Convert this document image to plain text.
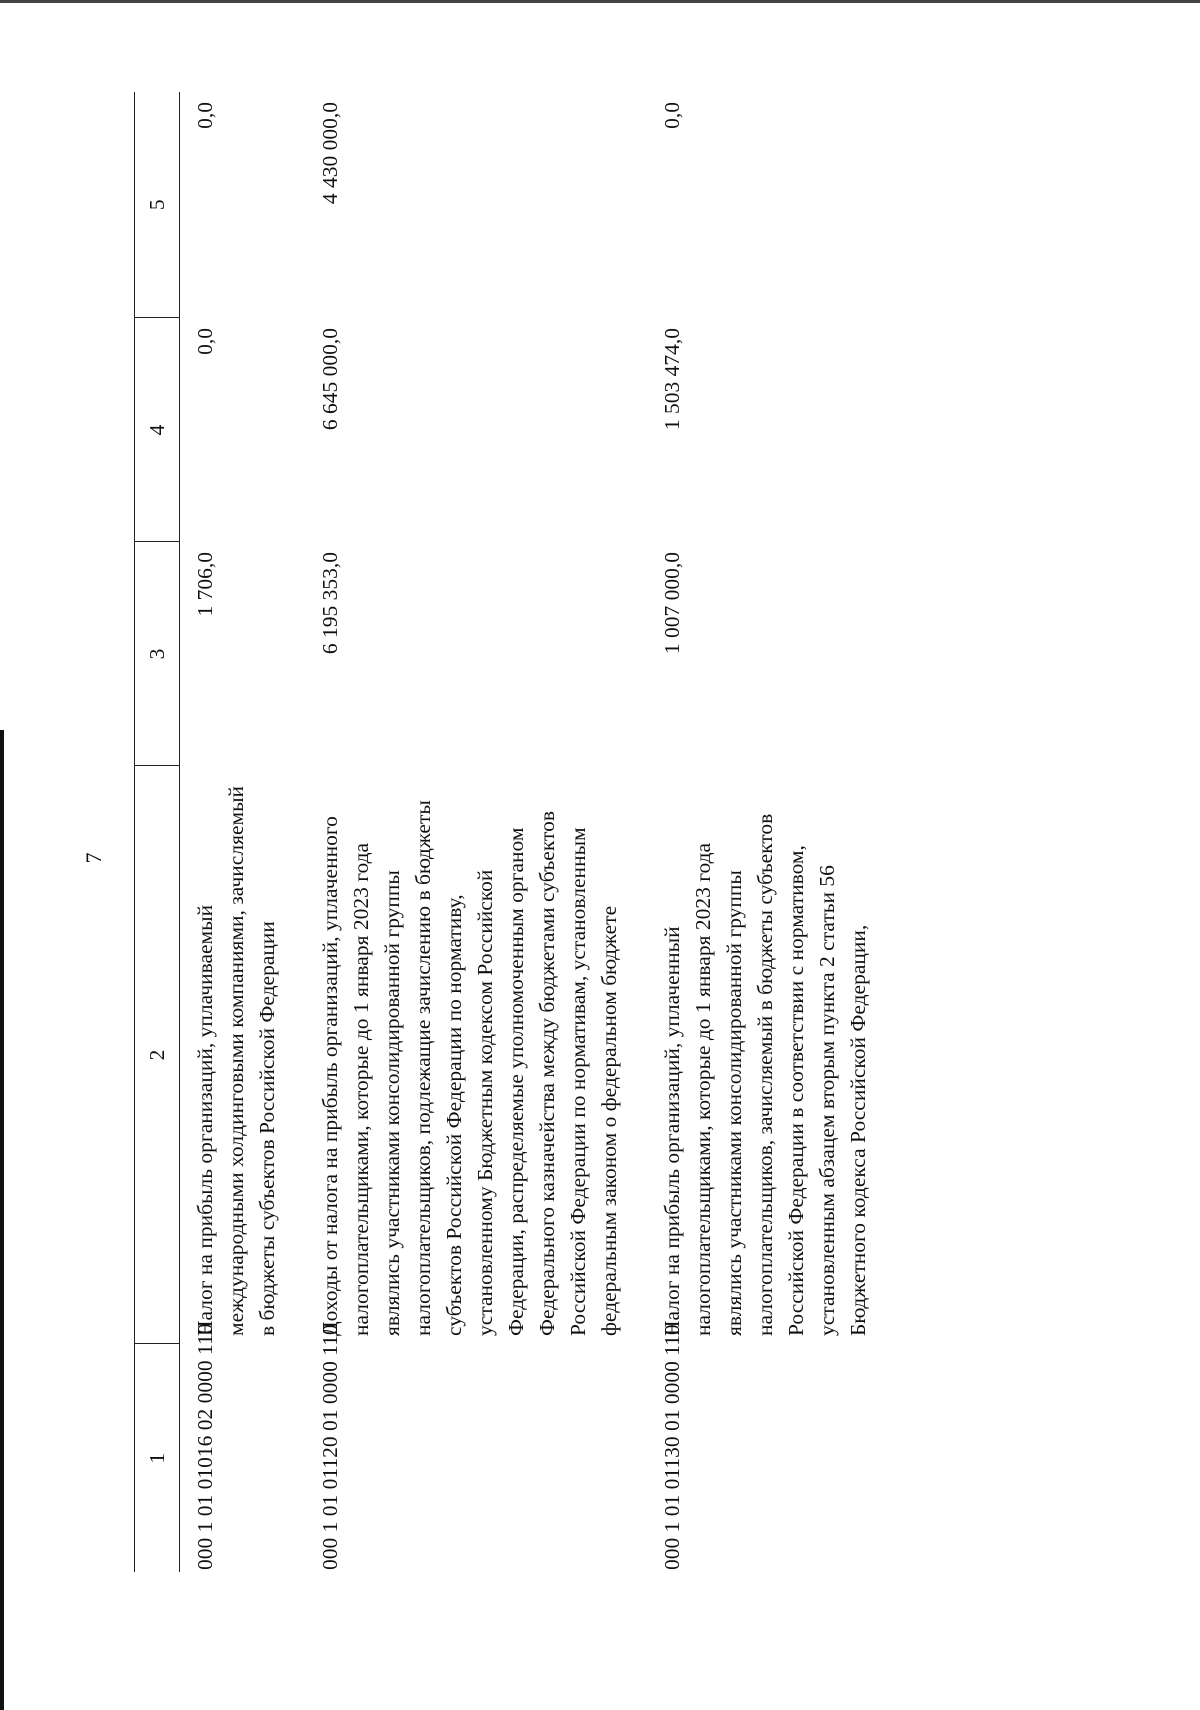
7
1	2	3	4	5
000 1 01 01016 02 0000 110	Налог на прибыль организаций, уплачиваемый международными холдинговыми компаниями, зачисляемый в бюджеты субъектов Российской Федерации	1 706,0	0,0	0,0
000 1 01 01120 01 0000 110	Доходы от налога на прибыль организаций, уплаченного налогоплательщиками, которые до 1 января 2023 года являлись участниками консолидированной группы налогоплательщиков, подлежащие зачислению в бюджеты субъектов Российской Федерации по нормативу, установленному Бюджетным кодексом Российской Федерации, распределяемые уполномоченным органом Федерального казначейства между бюджетами субъектов Российской Федерации по нормативам, установленным федеральным законом о федеральном бюджете	6 195 353,0	6 645 000,0	4 430 000,0
000 1 01 01130 01 0000 110	Налог на прибыль организаций, уплаченный налогоплательщиками, которые до 1 января 2023 года являлись участниками консолидированной группы налогоплательщиков, зачисляемый в бюджеты субъектов Российской Федерации в соответствии с нормативом, установленным абзацем вторым пункта 2 статьи 56 Бюджетного кодекса Российской Федерации,	1 007 000,0	1 503 474,0	0,0
